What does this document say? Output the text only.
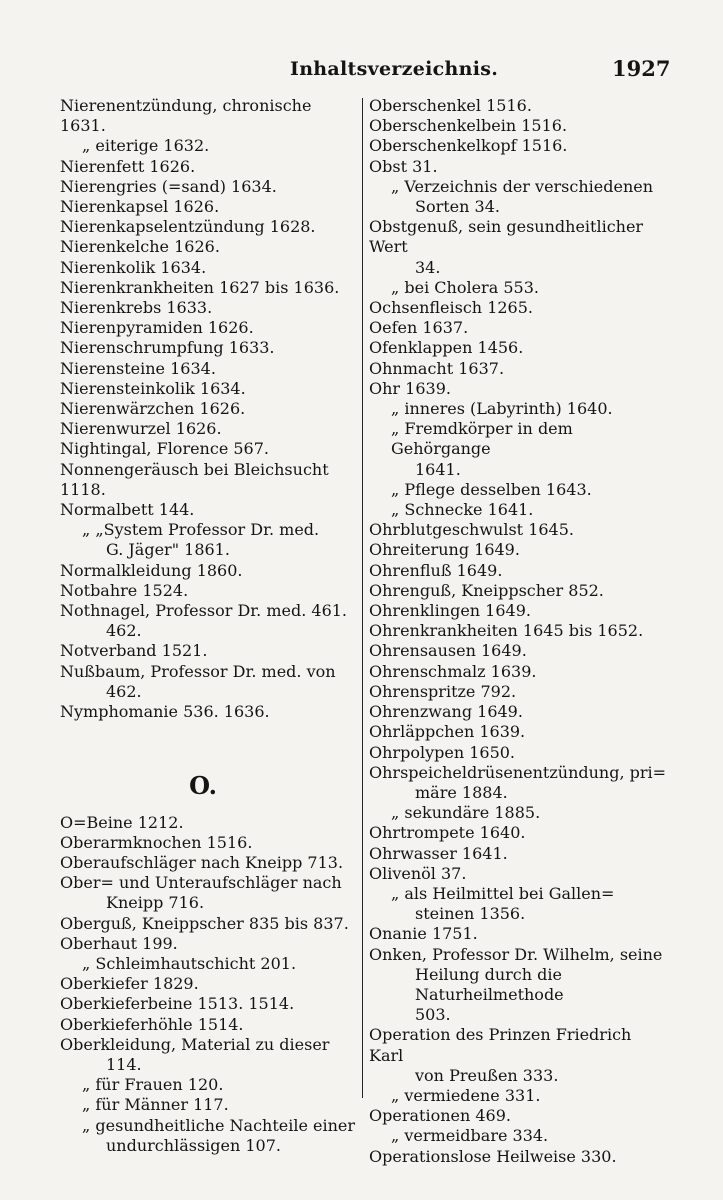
Inhaltsverzeichnis.	1927
Nierenentzündung, chronische 1631.
„ eiterige 1632.
Nierenfett 1626.
Nierengries (=sand) 1634.
Nierenkapsel 1626.
Nierenkapselentzündung 1628.
Nierenkelche 1626.
Nierenkolik 1634.
Nierenkrankheiten 1627 bis 1636.
Nierenkrebs 1633.
Nierenpyramiden 1626.
Nierenschrumpfung 1633.
Nierensteine 1634.
Nierensteinkolik 1634.
Nierenwärzchen 1626.
Nierenwurzel 1626.
Nightingal, Florence 567.
Nonnengeräusch bei Bleichsucht 1118.
Normalbett 144.
„ „System Professor Dr. med.
G. Jäger" 1861.
Normalkleidung 1860.
Notbahre 1524.
Nothnagel, Professor Dr. med. 461.
462.
Notverband 1521.
Nußbaum, Professor Dr. med. von
462.
Nymphomanie 536. 1636.
O.
O=Beine 1212.
Oberarmknochen 1516.
Oberaufschläger nach Kneipp 713.
Ober= und Unteraufschläger nach
Kneipp 716.
Oberguß, Kneippscher 835 bis 837.
Oberhaut 199.
„ Schleimhautschicht 201.
Oberkiefer 1829.
Oberkieferbeine 1513. 1514.
Oberkieferhöhle 1514.
Oberkleidung, Material zu dieser
114.
„ für Frauen 120.
„ für Männer 117.
„ gesundheitliche Nachteile einer
undurchlässigen 107.
Oberschenkel 1516.
Oberschenkelbein 1516.
Oberschenkelkopf 1516.
Obst 31.
„ Verzeichnis der verschiedenen
Sorten 34.
Obstgenuß, sein gesundheitlicher Wert
34.
„ bei Cholera 553.
Ochsenfleisch 1265.
Oefen 1637.
Ofenklappen 1456.
Ohnmacht 1637.
Ohr 1639.
„ inneres (Labyrinth) 1640.
„ Fremdkörper in dem Gehörgange
1641.
„ Pflege desselben 1643.
„ Schnecke 1641.
Ohrblutgeschwulst 1645.
Ohreiterung 1649.
Ohrenfluß 1649.
Ohrenguß, Kneippscher 852.
Ohrenklingen 1649.
Ohrenkrankheiten 1645 bis 1652.
Ohrensausen 1649.
Ohrenschmalz 1639.
Ohrenspritze 792.
Ohrenzwang 1649.
Ohrläppchen 1639.
Ohrpolypen 1650.
Ohrspeicheldrüsenentzündung, pri=
märe 1884.
„ sekundäre 1885.
Ohrtrompete 1640.
Ohrwasser 1641.
Olivenöl 37.
„ als Heilmittel bei Gallen=
steinen 1356.
Onanie 1751.
Onken, Professor Dr. Wilhelm, seine
Heilung durch die Naturheilmethode
503.
Operation des Prinzen Friedrich Karl
von Preußen 333.
„ vermiedene 331.
Operationen 469.
„ vermeidbare 334.
Operationslose Heilweise 330.
